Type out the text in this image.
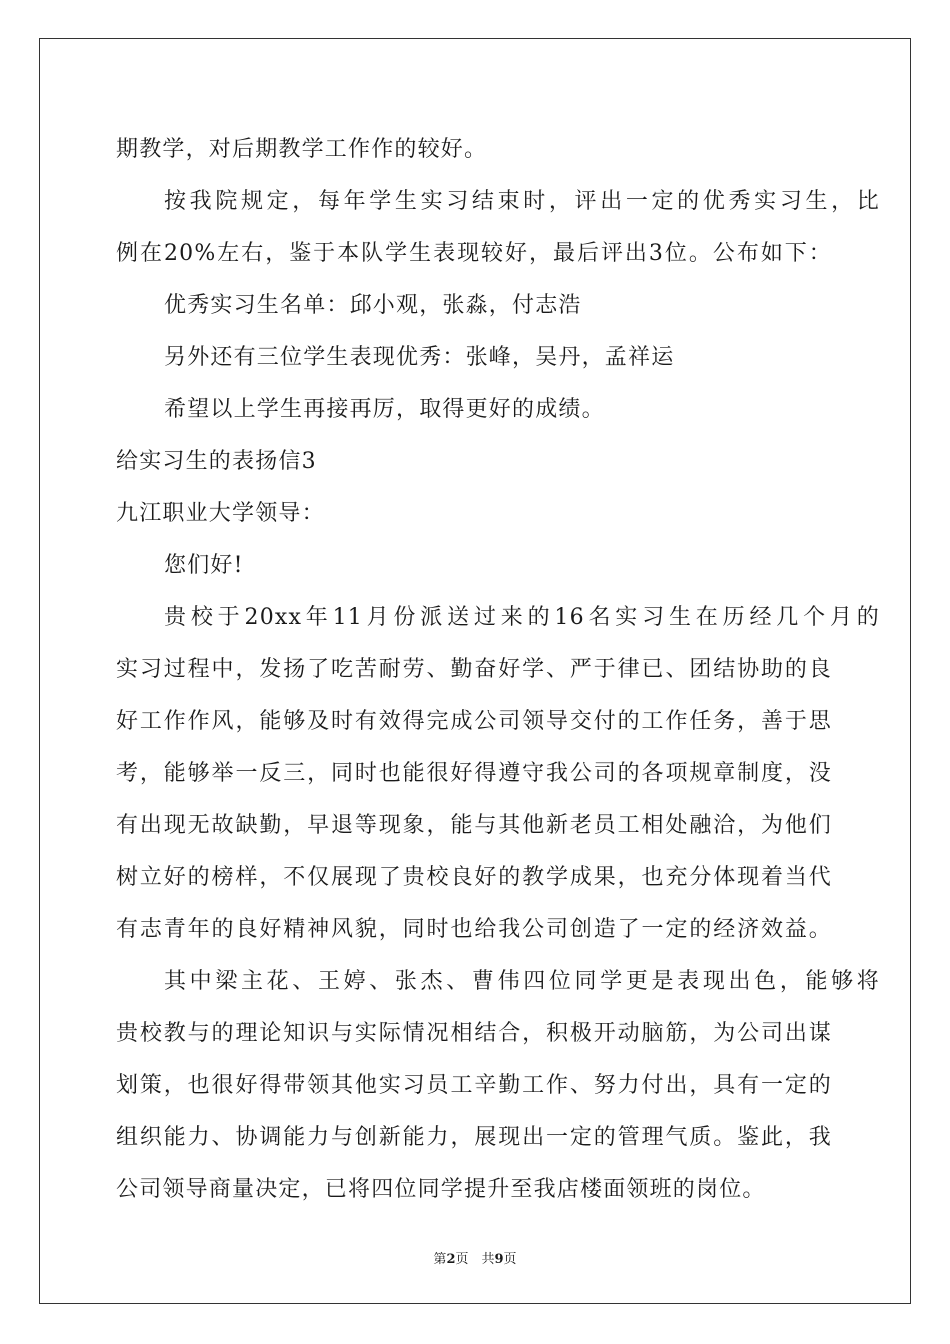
期教学，对后期教学工作作的较好。
按我院规定，每年学生实习结束时，评出一定的优秀实习生，比
例在20%左右，鉴于本队学生表现较好，最后评出3位。公布如下：
优秀实习生名单：邱小观，张淼，付志浩
另外还有三位学生表现优秀：张峰，吴丹，孟祥运
希望以上学生再接再厉，取得更好的成绩。
给实习生的表扬信3
九江职业大学领导：
您们好!
贵校于20xx年11月份派送过来的16名实习生在历经几个月的
实习过程中，发扬了吃苦耐劳、勤奋好学、严于律已、团结协助的良
好工作作风，能够及时有效得完成公司领导交付的工作任务，善于思
考，能够举一反三，同时也能很好得遵守我公司的各项规章制度，没
有出现无故缺勤，早退等现象，能与其他新老员工相处融洽，为他们
树立好的榜样，不仅展现了贵校良好的教学成果，也充分体现着当代
有志青年的良好精神风貌，同时也给我公司创造了一定的经济效益。
其中梁主花、王婷、张杰、曹伟四位同学更是表现出色，能够将
贵校教与的理论知识与实际情况相结合，积极开动脑筋，为公司出谋
划策，也很好得带领其他实习员工辛勤工作、努力付出，具有一定的
组织能力、协调能力与创新能力，展现出一定的管理气质。鉴此，我
公司领导商量决定，已将四位同学提升至我店楼面领班的岗位。
第2页　共9页
